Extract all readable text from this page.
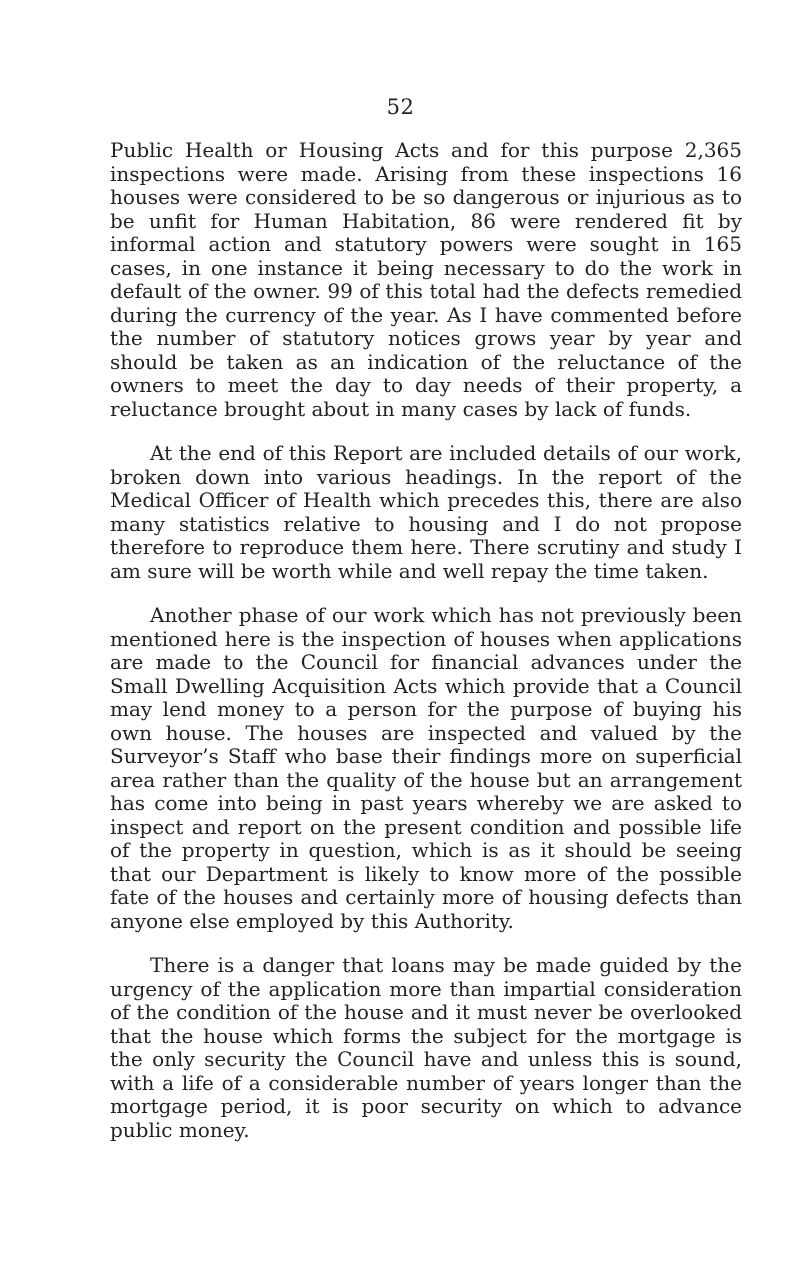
52

Public Health or Housing Acts and for this purpose 2,365 inspections were made. Arising from these inspections 16 houses were considered to be so dangerous or injurious as to be unfit for Human Habitation, 86 were rendered fit by informal action and statutory powers were sought in 165 cases, in one instance it being necessary to do the work in default of the owner. 99 of this total had the defects remedied during the currency of the year. As I have commented before the number of statutory notices grows year by year and should be taken as an indication of the reluctance of the owners to meet the day to day needs of their property, a reluctance brought about in many cases by lack of funds.

At the end of this Report are included details of our work, broken down into various headings. In the report of the Medical Officer of Health which precedes this, there are also many statistics relative to housing and I do not propose therefore to reproduce them here. There scrutiny and study I am sure will be worth while and well repay the time taken.

Another phase of our work which has not previously been mentioned here is the inspection of houses when applications are made to the Council for financial advances under the Small Dwelling Acquisition Acts which provide that a Council may lend money to a person for the purpose of buying his own house. The houses are inspected and valued by the Surveyor’s Staff who base their findings more on superficial area rather than the quality of the house but an arrangement has come into being in past years whereby we are asked to inspect and report on the present condition and possible life of the property in question, which is as it should be seeing that our Department is likely to know more of the possible fate of the houses and certainly more of housing defects than anyone else employed by this Authority.

There is a danger that loans may be made guided by the urgency of the application more than impartial consideration of the condition of the house and it must never be overlooked that the house which forms the subject for the mortgage is the only security the Council have and unless this is sound, with a life of a considerable number of years longer than the mortgage period, it is poor security on which to advance public money.
